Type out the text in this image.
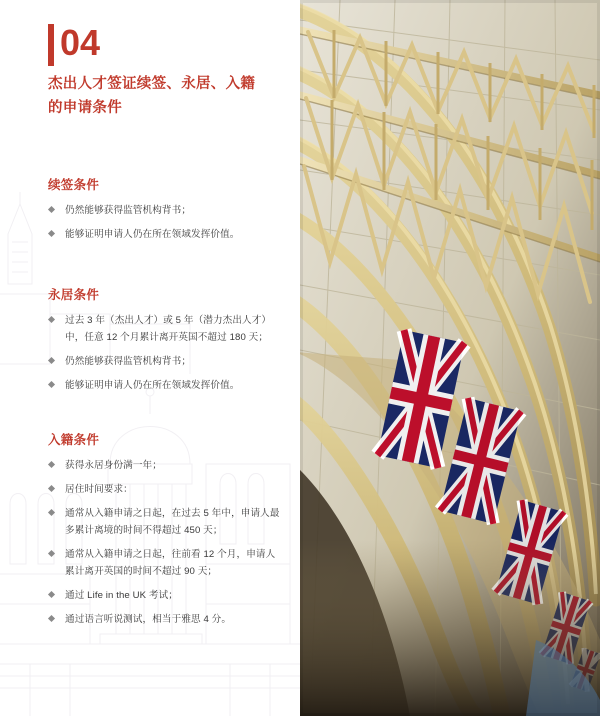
04
杰出人才签证续签、永居、入籍
的申请条件
续签条件
仍然能够获得监管机构背书；
能够证明申请人仍在所在领域发挥价值。
永居条件
过去 3 年（杰出人才）或 5 年（潜力杰出人才）中，任意 12 个月累计离开英国不超过 180 天；
仍然能够获得监管机构背书；
能够证明申请人仍在所在领域发挥价值。
入籍条件
获得永居身份满一年；
居住时间要求：
通常从入籍申请之日起，在过去 5 年中，申请人最多累计离境的时间不得超过 450 天；
通常从入籍申请之日起，往前看 12 个月，申请人累计离开英国的时间不超过 90 天；
通过 Life in the UK 考试；
通过语言听说测试，相当于雅思 4 分。
